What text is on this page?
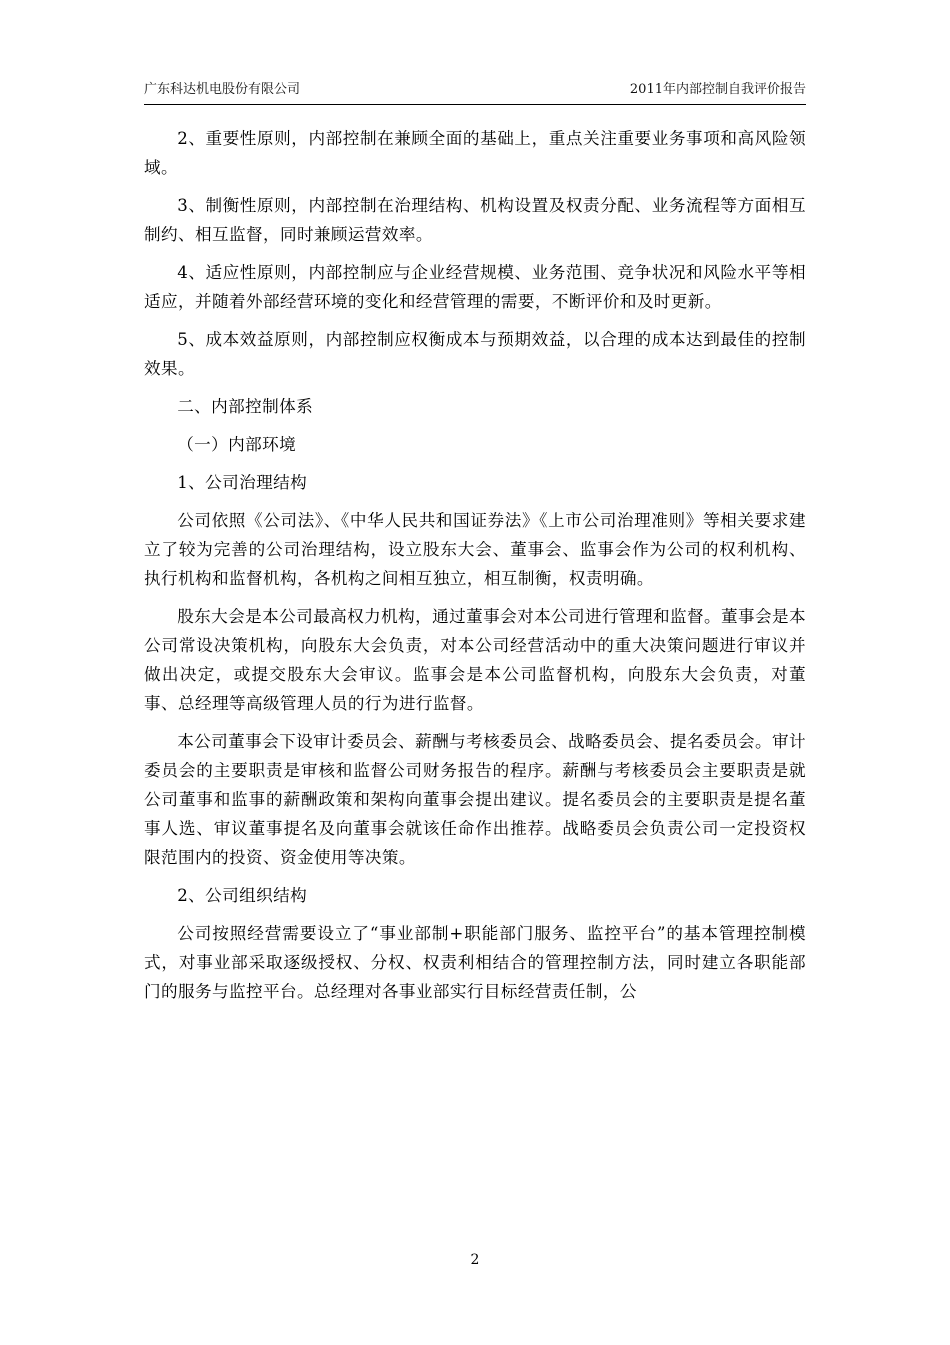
广东科达机电股份有限公司	2011年内部控制自我评价报告

2、重要性原则，内部控制在兼顾全面的基础上，重点关注重要业务事项和高风险领域。

3、制衡性原则，内部控制在治理结构、机构设置及权责分配、业务流程等方面相互制约、相互监督，同时兼顾运营效率。

4、适应性原则，内部控制应与企业经营规模、业务范围、竞争状况和风险水平等相适应，并随着外部经营环境的变化和经营管理的需要，不断评价和及时更新。

5、成本效益原则，内部控制应权衡成本与预期效益，以合理的成本达到最佳的控制效果。

二、内部控制体系

（一）内部环境

1、公司治理结构

公司依照《公司法》、《中华人民共和国证券法》《上市公司治理准则》等相关要求建立了较为完善的公司治理结构，设立股东大会、董事会、监事会作为公司的权利机构、执行机构和监督机构，各机构之间相互独立，相互制衡，权责明确。

股东大会是本公司最高权力机构，通过董事会对本公司进行管理和监督。董事会是本公司常设决策机构，向股东大会负责，对本公司经营活动中的重大决策问题进行审议并做出决定，或提交股东大会审议。监事会是本公司监督机构，向股东大会负责，对董事、总经理等高级管理人员的行为进行监督。

本公司董事会下设审计委员会、薪酬与考核委员会、战略委员会、提名委员会。审计委员会的主要职责是审核和监督公司财务报告的程序。薪酬与考核委员会主要职责是就公司董事和监事的薪酬政策和架构向董事会提出建议。提名委员会的主要职责是提名董事人选、审议董事提名及向董事会就该任命作出推荐。战略委员会负责公司一定投资权限范围内的投资、资金使用等决策。

2、公司组织结构

公司按照经营需要设立了“事业部制+职能部门服务、监控平台”的基本管理控制模式，对事业部采取逐级授权、分权、权责利相结合的管理控制方法，同时建立各职能部门的服务与监控平台。总经理对各事业部实行目标经营责任制，公

2
